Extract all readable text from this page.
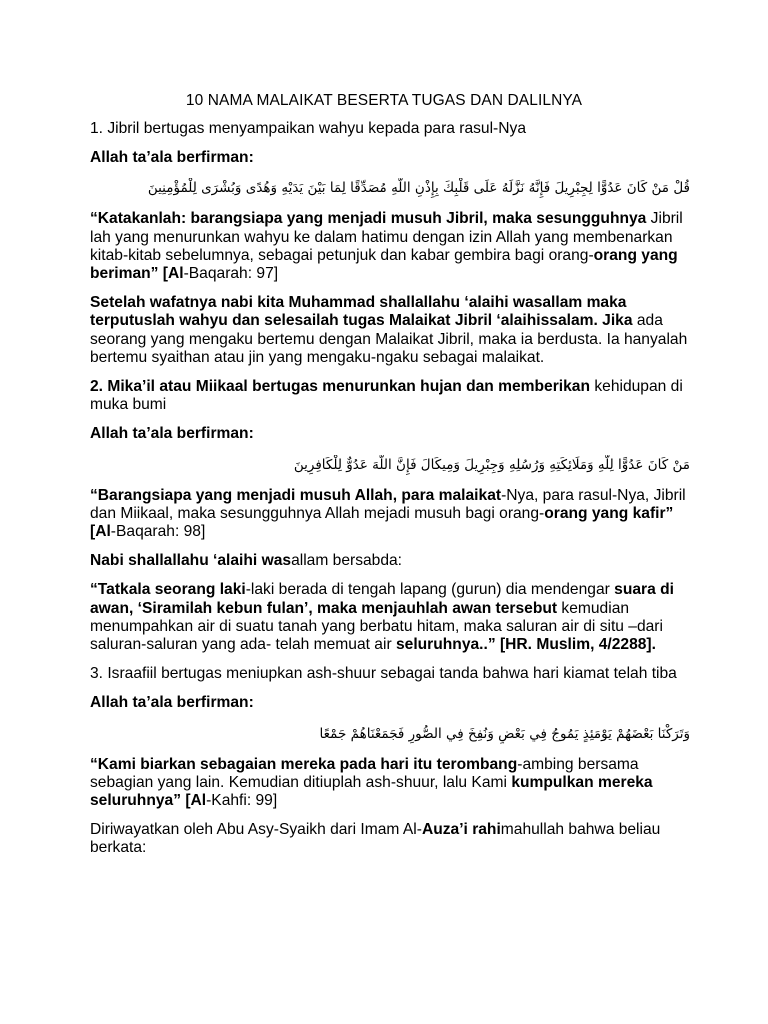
10 NAMA MALAIKAT BESERTA TUGAS DAN DALILNYA

1. Jibril bertugas menyampaikan wahyu kepada para rasul-Nya

Allah ta’ala berfirman:

قُلْ مَنْ كَانَ عَدُوًّا لِجِبْرِيلَ فَإِنَّهُ نَزَّلَهُ عَلَى قَلْبِكَ بِإِذْنِ اللَّهِ مُصَدِّقًا لِمَا بَيْنَ يَدَيْهِ وَهُدًى وَبُشْرَى لِلْمُؤْمِنِينَ

“Katakanlah: barangsiapa yang menjadi musuh Jibril, maka sesungguhnya Jibril lah yang menurunkan wahyu ke dalam hatimu dengan izin Allah yang membenarkan kitab-kitab sebelumnya, sebagai petunjuk dan kabar gembira bagi orang-orang yang beriman” [Al-Baqarah: 97]

Setelah wafatnya nabi kita Muhammad shallallahu ‘alaihi wasallam maka terputuslah wahyu dan selesailah tugas Malaikat Jibril ‘alaihissalam. Jika ada seorang yang mengaku bertemu dengan Malaikat Jibril, maka ia berdusta. Ia hanyalah bertemu syaithan atau jin yang mengaku-ngaku sebagai malaikat.

2. Mika’il atau Miikaal bertugas menurunkan hujan dan memberikan kehidupan di muka bumi

Allah ta’ala berfirman:

مَنْ كَانَ عَدُوًّا لِلَّهِ وَمَلَائِكَتِهِ وَرُسُلِهِ وَجِبْرِيلَ وَمِيكَالَ فَإِنَّ اللَّهَ عَدُوٌّ لِلْكَافِرِينَ

“Barangsiapa yang menjadi musuh Allah, para malaikat-Nya, para rasul-Nya, Jibril dan Miikaal, maka sesungguhnya Allah mejadi musuh bagi orang-orang yang kafir” [Al-Baqarah: 98]

Nabi shallallahu ‘alaihi wasallam bersabda:

“Tatkala seorang laki-laki berada di tengah lapang (gurun) dia mendengar suara di awan, ‘Siramilah kebun fulan’, maka menjauhlah awan tersebut kemudian menumpahkan air di suatu tanah yang berbatu hitam, maka saluran air di situ –dari saluran-saluran yang ada- telah memuat air seluruhnya..” [HR. Muslim, 4/2288].

3. Israafiil bertugas meniupkan ash-shuur sebagai tanda bahwa hari kiamat telah tiba

Allah ta’ala berfirman:

وَتَرَكْنَا بَعْضَهُمْ يَوْمَئِذٍ يَمُوجُ فِي بَعْضٍ وَنُفِخَ فِي الصُّورِ فَجَمَعْنَاهُمْ جَمْعًا

“Kami biarkan sebagaian mereka pada hari itu terombang-ambing bersama sebagian yang lain. Kemudian ditiuplah ash-shuur, lalu Kami kumpulkan mereka seluruhnya” [Al-Kahfi: 99]

Diriwayatkan oleh Abu Asy-Syaikh dari Imam Al-Auza’i rahimahullah bahwa beliau berkata:
